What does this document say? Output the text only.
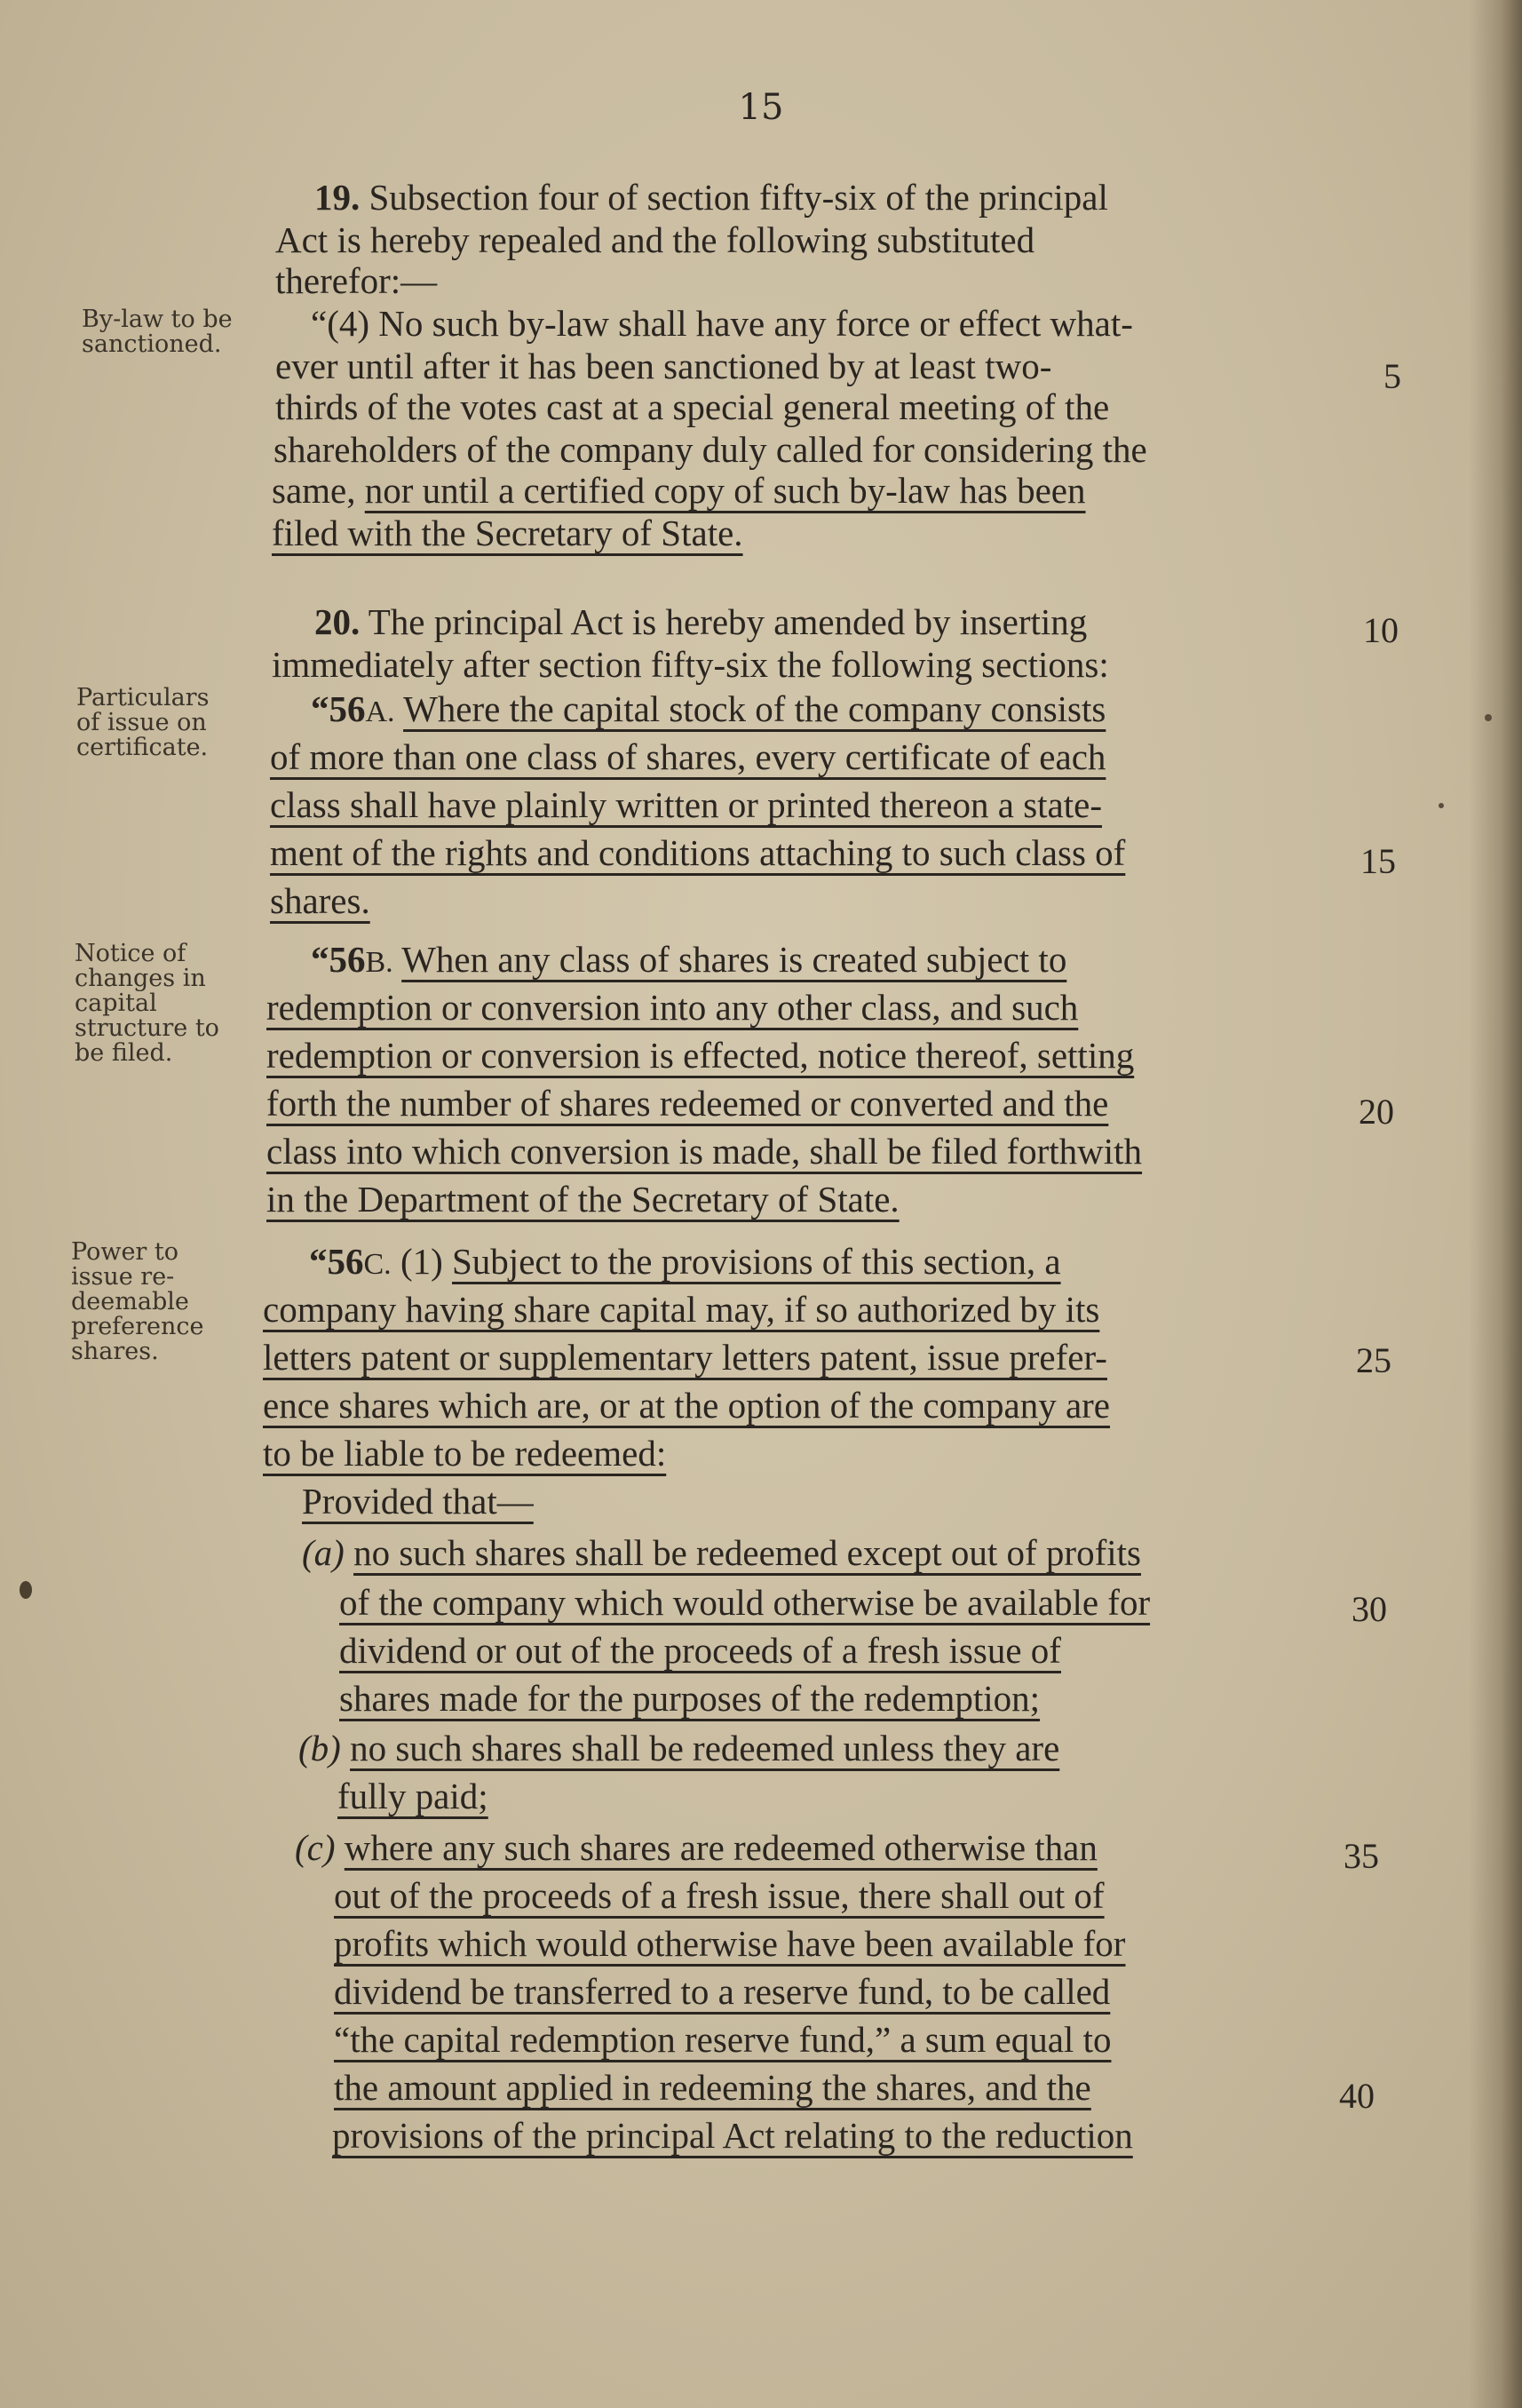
15
By-law to be
sanctioned.
Particulars
of issue on
certificate.
Notice of
changes in
capital
structure to
be filed.
Power to
issue re-
deemable
preference
shares.
5
10
15
20
25
30
35
40
19. Subsection four of section fifty-six of the principal
Act is hereby repealed and the following substituted
therefor:—
“(4) No such by-law shall have any force or effect what-
ever until after it has been sanctioned by at least two-
thirds of the votes cast at a special general meeting of the
shareholders of the company duly called for considering the
same, nor until a certified copy of such by-law has been
filed with the Secretary of State.
20. The principal Act is hereby amended by inserting
immediately after section fifty-six the following sections:
“56A. Where the capital stock of the company consists
of more than one class of shares, every certificate of each
class shall have plainly written or printed thereon a state-
ment of the rights and conditions attaching to such class of
shares.
“56B. When any class of shares is created subject to
redemption or conversion into any other class, and such
redemption or conversion is effected, notice thereof, setting
forth the number of shares redeemed or converted and the
class into which conversion is made, shall be filed forthwith
in the Department of the Secretary of State.
“56C. (1) Subject to the provisions of this section, a
company having share capital may, if so authorized by its
letters patent or supplementary letters patent, issue prefer-
ence shares which are, or at the option of the company are
to be liable to be redeemed:
Provided that—
(a) no such shares shall be redeemed except out of profits
of the company which would otherwise be available for
dividend or out of the proceeds of a fresh issue of
shares made for the purposes of the redemption;
(b) no such shares shall be redeemed unless they are
fully paid;
(c) where any such shares are redeemed otherwise than
out of the proceeds of a fresh issue, there shall out of
profits which would otherwise have been available for
dividend be transferred to a reserve fund, to be called
“the capital redemption reserve fund,” a sum equal to
the amount applied in redeeming the shares, and the
provisions of the principal Act relating to the reduction
